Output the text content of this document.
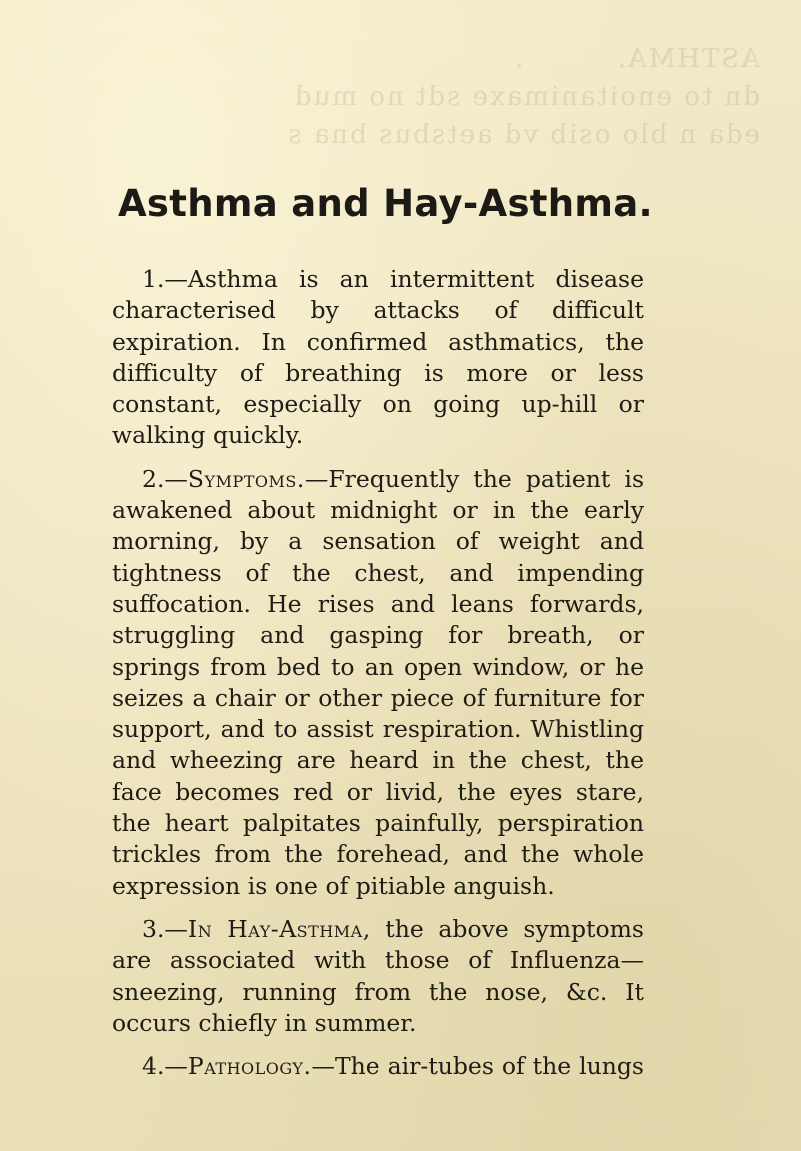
ASTHMA.         .
dn to enoitanimaxe sdt no mud
eda n blo osib vd aetsbus bna s
Asthma and Hay-Asthma.

1.—Asthma is an intermittent disease characterised by attacks of difficult expiration. In confirmed asthmatics, the difficulty of breathing is more or less constant, especially on going up-hill or walking quickly.

2.—Symptoms.—Frequently the patient is awakened about midnight or in the early morning, by a sensation of weight and tightness of the chest, and impending suffocation. He rises and leans forwards, struggling and gasping for breath, or springs from bed to an open window, or he seizes a chair or other piece of furniture for support, and to assist respiration. Whistling and wheezing are heard in the chest, the face becomes red or livid, the eyes stare, the heart palpitates painfully, perspiration trickles from the forehead, and the whole expression is one of pitiable anguish.

3.—In Hay-Asthma, the above symptoms are associated with those of Influenza—sneezing, running from the nose, &c. It occurs chiefly in summer.

4.—Pathology.—The air-tubes of the lungs
